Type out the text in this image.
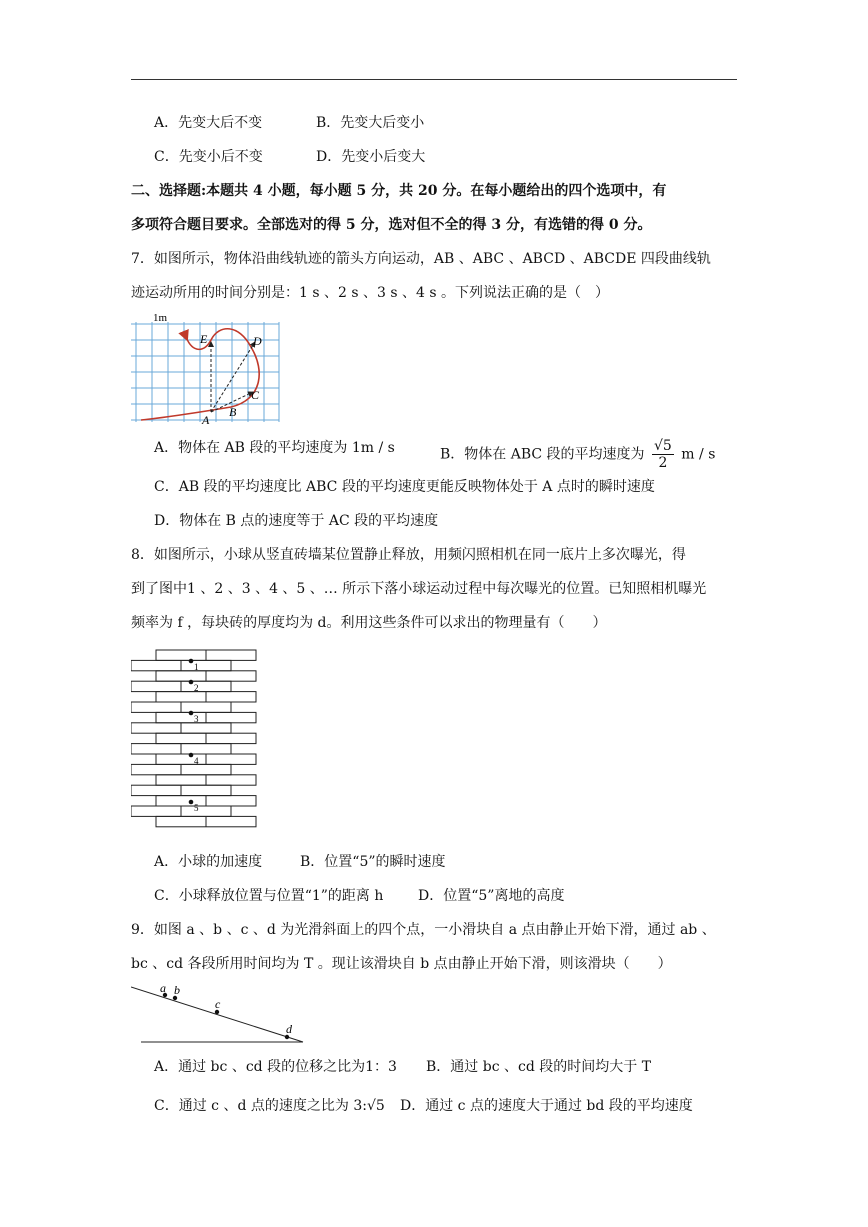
A．先变大后不变	B．先变大后变小
C．先变小后不变	D．先变小后变大
二、选择题:本题共 4 小题，每小题 5 分，共 20 分。在每小题给出的四个选项中，有
多项符合题目要求。全部选对的得 5 分，选对但不全的得 3 分，有选错的得 0 分。
7．如图所示，物体沿曲线轨迹的箭头方向运动，AB 、ABC 、ABCD 、ABCDE 四段曲线轨
迹运动所用的时间分别是：1 s 、2 s 、3 s 、4 s 。下列说法正确的是（　）
1m
E	D
C
B
A
A．物体在 AB 段的平均速度为 1m / s	B．物体在 ABC 段的平均速度为 $\frac{√5}{2}$ m / s
C．AB 段的平均速度比 ABC 段的平均速度更能反映物体处于 A 点时的瞬时速度
D．物体在 B 点的速度等于 AC 段的平均速度
8．如图所示，小球从竖直砖墙某位置静止释放，用频闪照相机在同一底片上多次曝光，得
到了图中1 、2 、3 、4 、5 、… 所示下落小球运动过程中每次曝光的位置。已知照相机曝光
频率为 f ，每块砖的厚度均为 d。利用这些条件可以求出的物理量有（　　）
1
2
3
4
5
A．小球的加速度	B．位置“5”的瞬时速度
C．小球释放位置与位置“1”的距离 h D．位置“5”离地的高度
9．如图 a 、b 、c 、d 为光滑斜面上的四个点，一小滑块自 a 点由静止开始下滑，通过 ab 、
bc 、cd 各段所用时间均为 T 。现让该滑块自 b 点由静止开始下滑，则该滑块（　　）
a b
c
d
A．通过 bc 、cd 段的位移之比为1：3 B．通过 bc 、cd 段的时间均大于 T
C．通过 c 、d 点的速度之比为 3:√5 D．通过 c 点的速度大于通过 bd 段的平均速度
